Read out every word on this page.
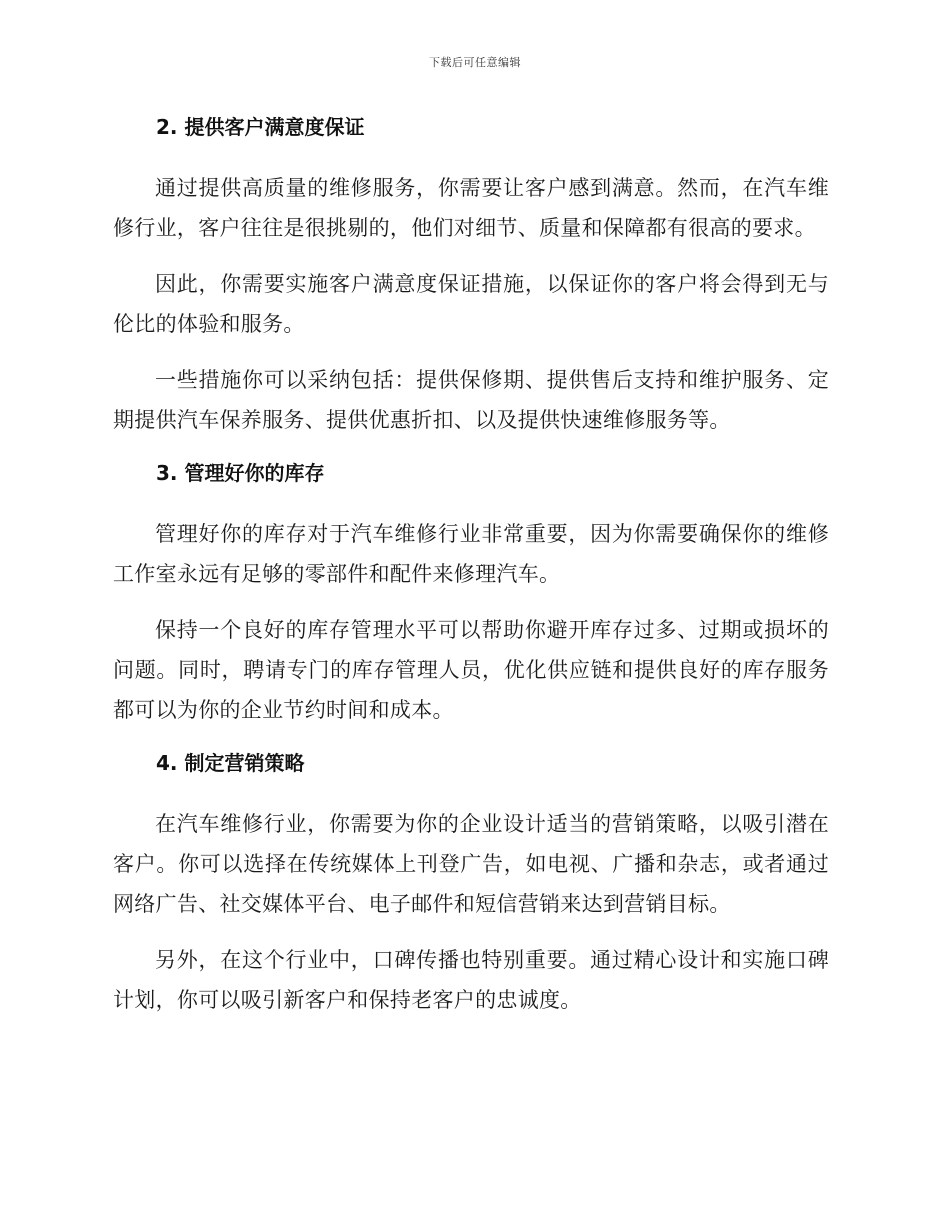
下载后可任意编辑
2. 提供客户满意度保证

通过提供高质量的维修服务，你需要让客户感到满意。然而，在汽车维修行业，客户往往是很挑剔的，他们对细节、质量和保障都有很高的要求。

因此，你需要实施客户满意度保证措施，以保证你的客户将会得到无与伦比的体验和服务。

一些措施你可以采纳包括：提供保修期、提供售后支持和维护服务、定期提供汽车保养服务、提供优惠折扣、以及提供快速维修服务等。

3. 管理好你的库存

管理好你的库存对于汽车维修行业非常重要，因为你需要确保你的维修工作室永远有足够的零部件和配件来修理汽车。

保持一个良好的库存管理水平可以帮助你避开库存过多、过期或损坏的问题。同时，聘请专门的库存管理人员，优化供应链和提供良好的库存服务都可以为你的企业节约时间和成本。

4. 制定营销策略

在汽车维修行业，你需要为你的企业设计适当的营销策略，以吸引潜在客户。你可以选择在传统媒体上刊登广告，如电视、广播和杂志，或者通过网络广告、社交媒体平台、电子邮件和短信营销来达到营销目标。

另外，在这个行业中，口碑传播也特别重要。通过精心设计和实施口碑计划，你可以吸引新客户和保持老客户的忠诚度。
